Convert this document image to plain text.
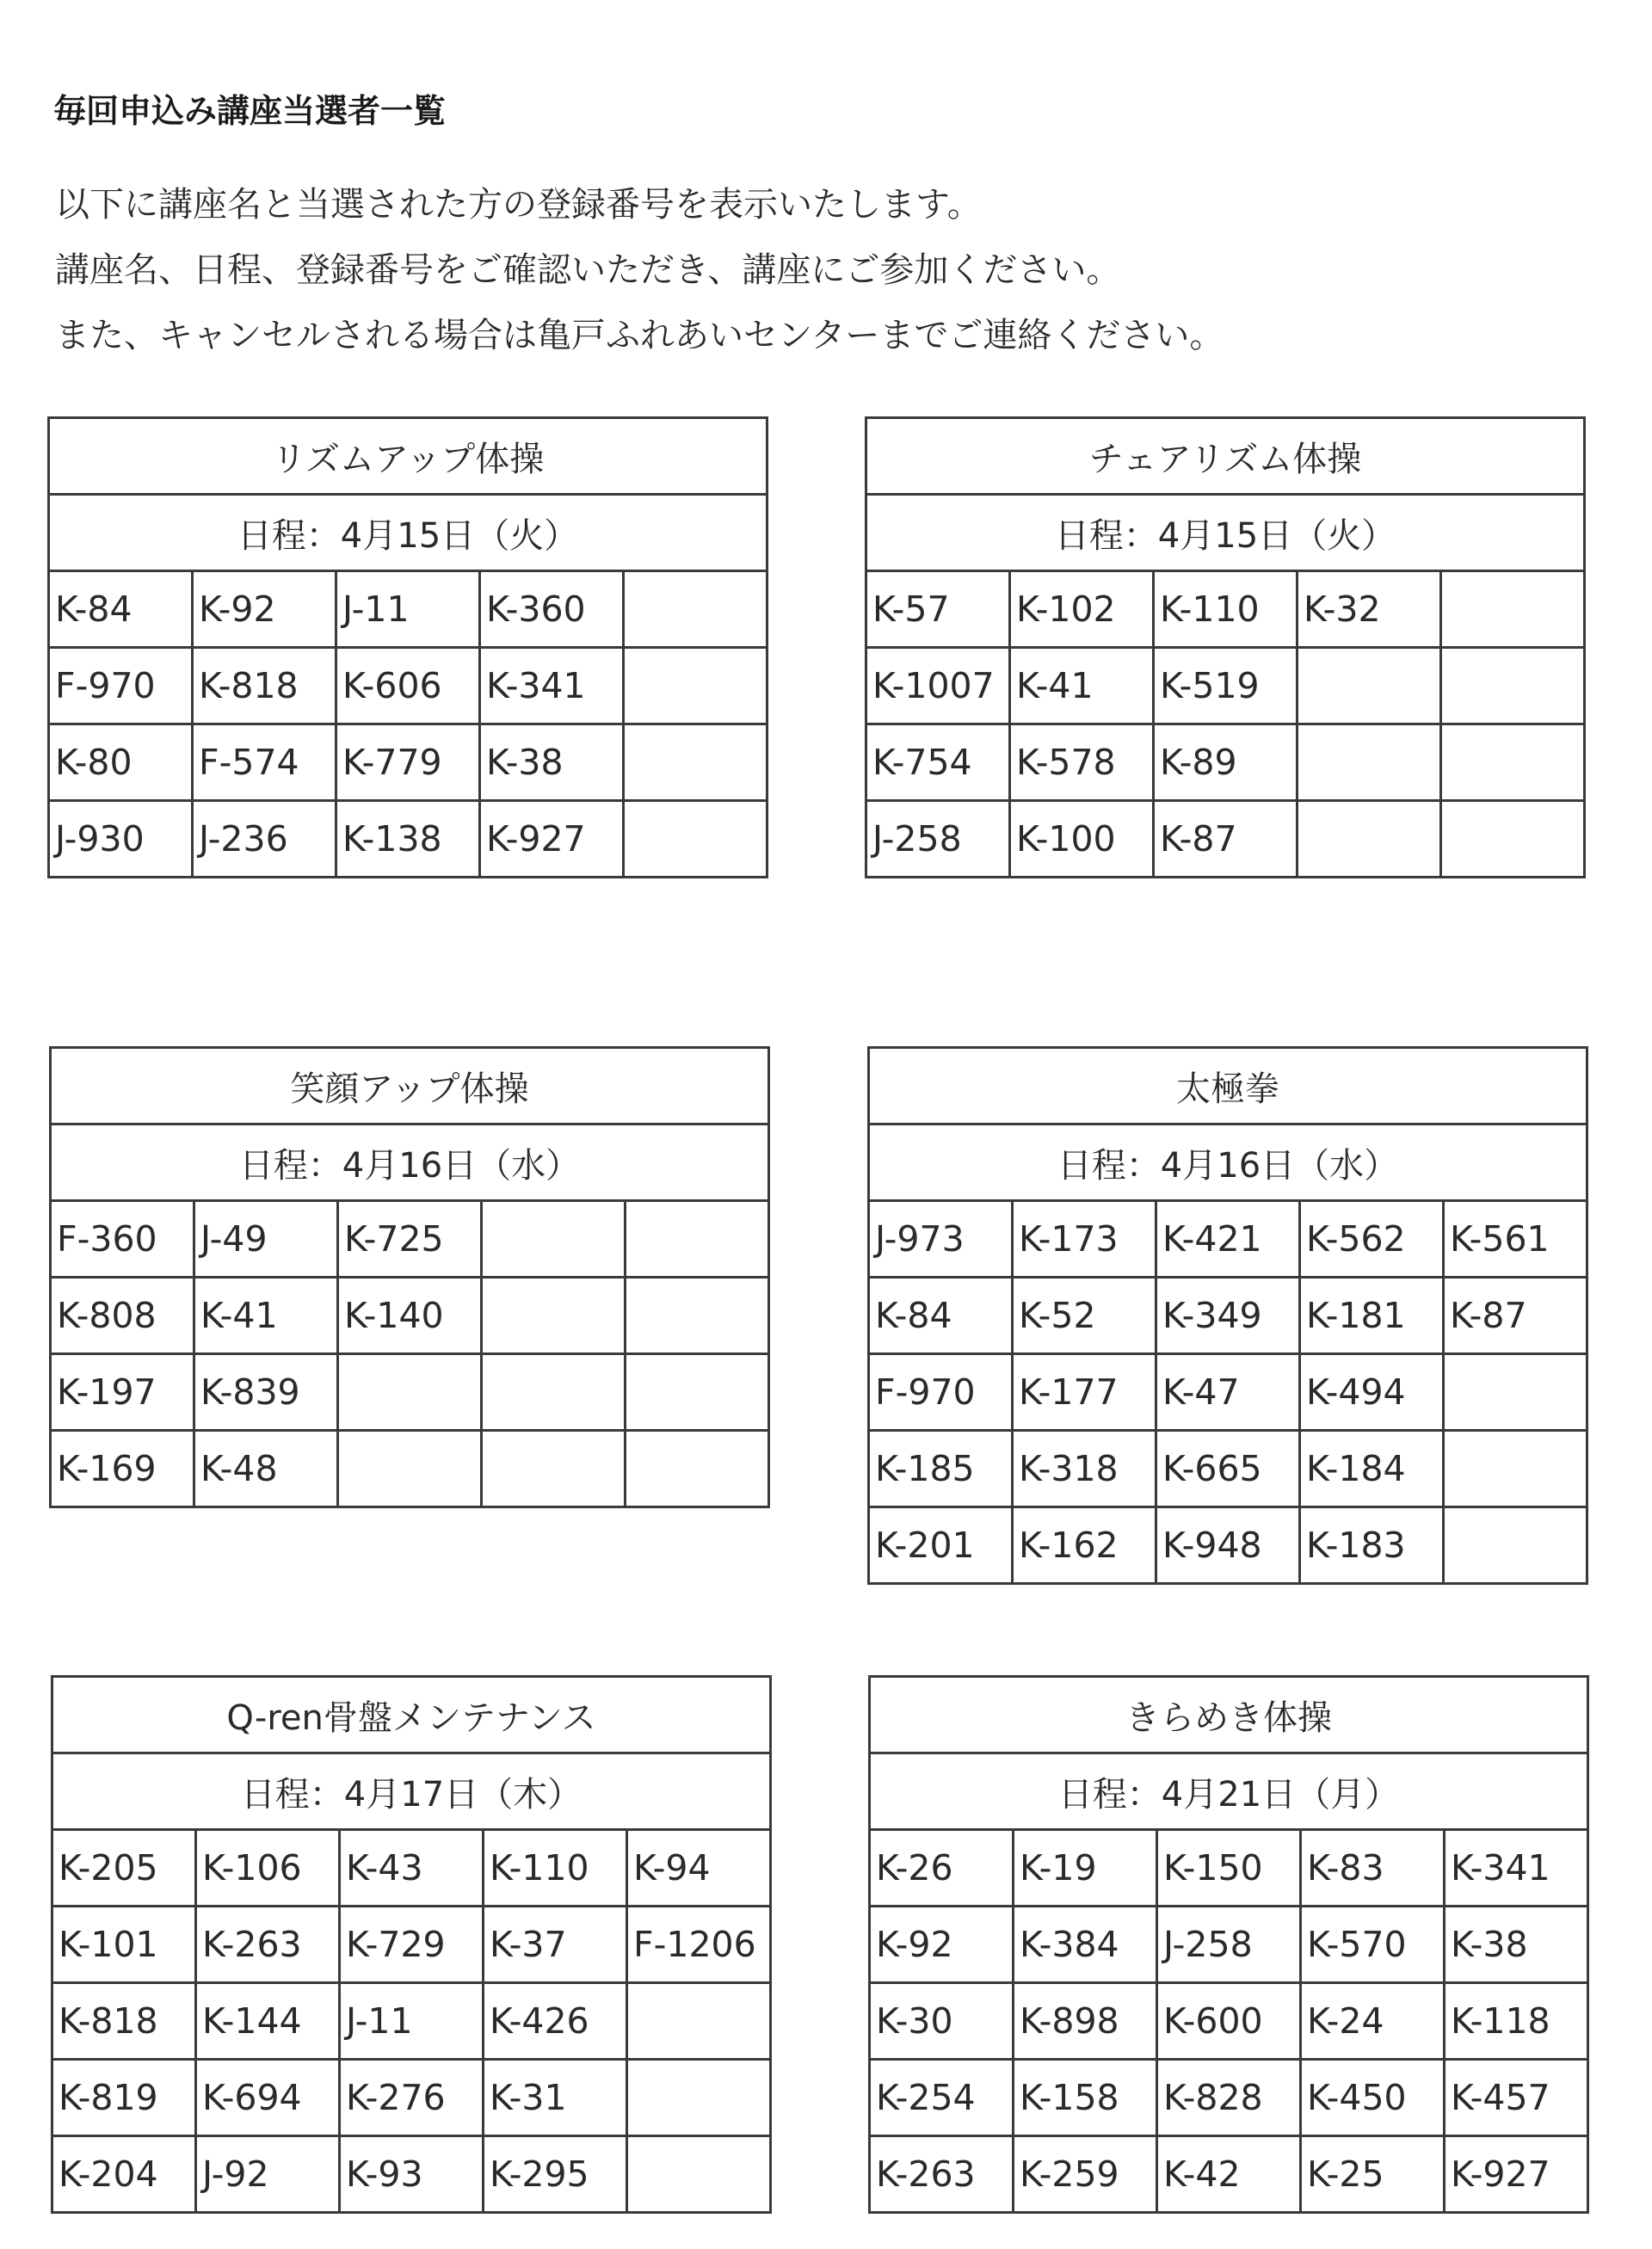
毎回申込み講座当選者一覧

以下に講座名と当選された方の登録番号を表示いたします。

講座名、日程、登録番号をご確認いただき、講座にご参加ください。

また、キャンセルされる場合は亀戸ふれあいセンターまでご連絡ください。

リズムアップ体操				
日程：4月15日（火）				
K-84	K-92	J-11	K-360	
F-970	K-818	K-606	K-341	
K-80	F-574	K-779	K-38	
J-930	J-236	K-138	K-927	
チェアリズム体操				
日程：4月15日（火）				
K-57	K-102	K-110	K-32	
K-1007	K-41	K-519		
K-754	K-578	K-89		
J-258	K-100	K-87		
笑顔アップ体操				
日程：4月16日（水）				
F-360	J-49	K-725		
K-808	K-41	K-140		
K-197	K-839			
K-169	K-48			
太極拳				
日程：4月16日（水）				
J-973	K-173	K-421	K-562	K-561
K-84	K-52	K-349	K-181	K-87
F-970	K-177	K-47	K-494	
K-185	K-318	K-665	K-184	
K-201	K-162	K-948	K-183	
Q-ren骨盤メンテナンス				
日程：4月17日（木）				
K-205	K-106	K-43	K-110	K-94
K-101	K-263	K-729	K-37	F-1206
K-818	K-144	J-11	K-426	
K-819	K-694	K-276	K-31	
K-204	J-92	K-93	K-295	
きらめき体操				
日程：4月21日（月）				
K-26	K-19	K-150	K-83	K-341
K-92	K-384	J-258	K-570	K-38
K-30	K-898	K-600	K-24	K-118
K-254	K-158	K-828	K-450	K-457
K-263	K-259	K-42	K-25	K-927
